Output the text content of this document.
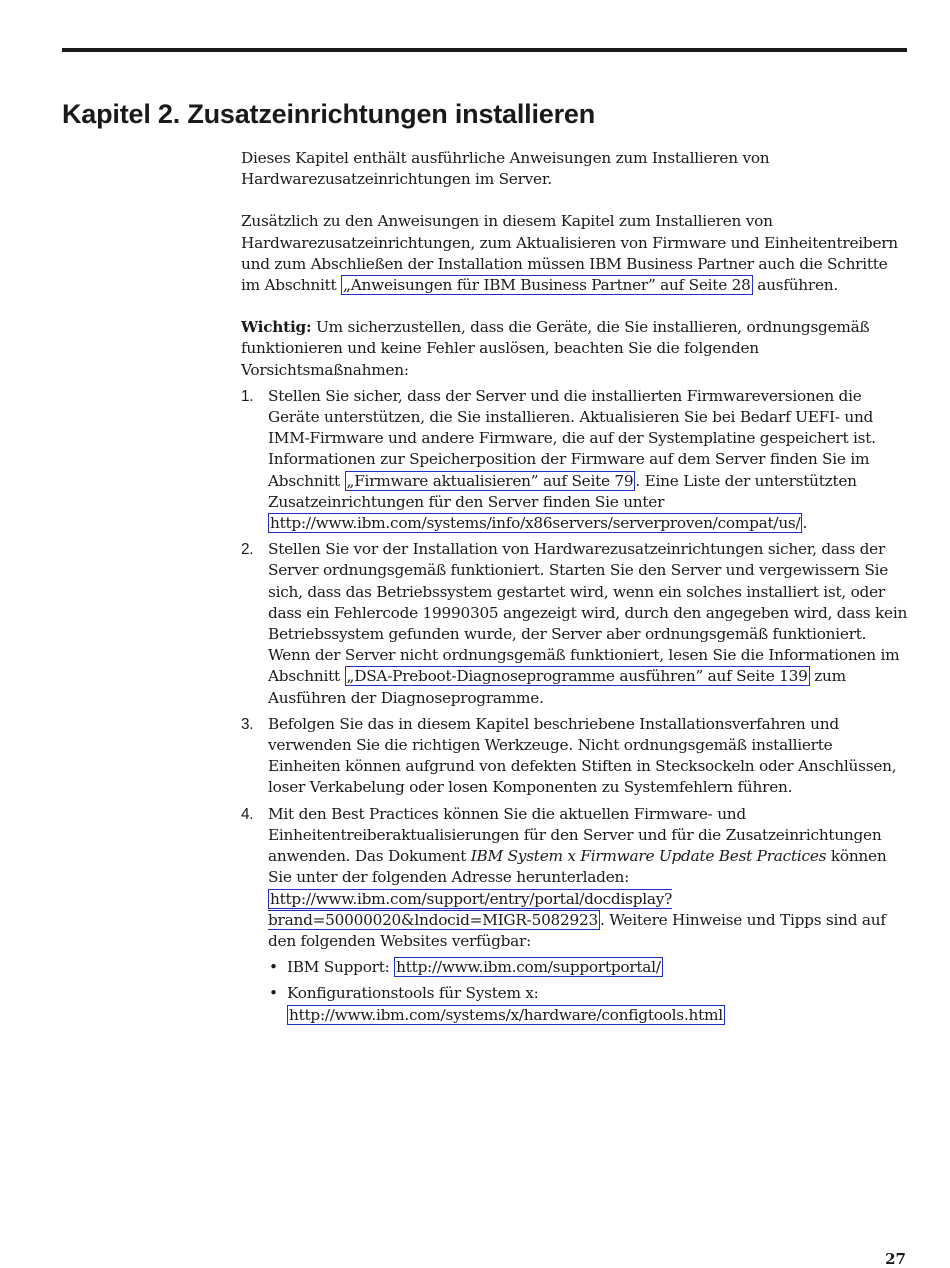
Kapitel 2. Zusatzeinrichtungen installieren

Dieses Kapitel enthält ausführliche Anweisungen zum Installieren von Hardwarezusatzeinrichtungen im Server.

Zusätzlich zu den Anweisungen in diesem Kapitel zum Installieren von Hardwarezusatzeinrichtungen, zum Aktualisieren von Firmware und Einheitentreibern und zum Abschließen der Installation müssen IBM Business Partner auch die Schritte im Abschnitt „Anweisungen für IBM Business Partner” auf Seite 28 ausführen.

Wichtig: Um sicherzustellen, dass die Geräte, die Sie installieren, ordnungsgemäß funktionieren und keine Fehler auslösen, beachten Sie die folgenden Vorsichtsmaßnahmen:

1. Stellen Sie sicher, dass der Server und die installierten Firmwareversionen die Geräte unterstützen, die Sie installieren. Aktualisieren Sie bei Bedarf UEFI- und IMM-Firmware und andere Firmware, die auf der Systemplatine gespeichert ist. Informationen zur Speicherposition der Firmware auf dem Server finden Sie im Abschnitt „Firmware aktualisieren” auf Seite 79 . Eine Liste der unterstützten Zusatzeinrichtungen für den Server finden Sie unter http://www.ibm.com/systems/info/x86servers/serverproven/compat/us/ .
2. Stellen Sie vor der Installation von Hardwarezusatzeinrichtungen sicher, dass der Server ordnungsgemäß funktioniert. Starten Sie den Server und vergewissern Sie sich, dass das Betriebssystem gestartet wird, wenn ein solches installiert ist, oder dass ein Fehlercode 19990305 angezeigt wird, durch den angegeben wird, dass kein Betriebssystem gefunden wurde, der Server aber ordnungsgemäß funktioniert. Wenn der Server nicht ordnungsgemäß funktioniert, lesen Sie die Informationen im Abschnitt „DSA-Preboot-Diagnoseprogramme ausführen” auf Seite 139 zum Ausführen der Diagnoseprogramme.
3. Befolgen Sie das in diesem Kapitel beschriebene Installationsverfahren und verwenden Sie die richtigen Werkzeuge. Nicht ordnungsgemäß installierte Einheiten können aufgrund von defekten Stiften in Stecksockeln oder Anschlüssen, loser Verkabelung oder losen Komponenten zu Systemfehlern führen.
4. Mit den Best Practices können Sie die aktuellen Firmware- und Einheitentreiberaktualisierungen für den Server und für die Zusatzeinrichtungen anwenden. Das Dokument IBM System x Firmware Update Best Practices können Sie unter der folgenden Adresse herunterladen: http://www.ibm.com/support/entry/portal/docdisplay?brand=50000020&lndocid=MIGR-5082923 . Weitere Hinweise und Tipps sind auf den folgenden Websites verfügbar:
• IBM Support: http://www.ibm.com/supportportal/
• Konfigurationstools für System x: http://www.ibm.com/systems/x/hardware/configtools.html
27
